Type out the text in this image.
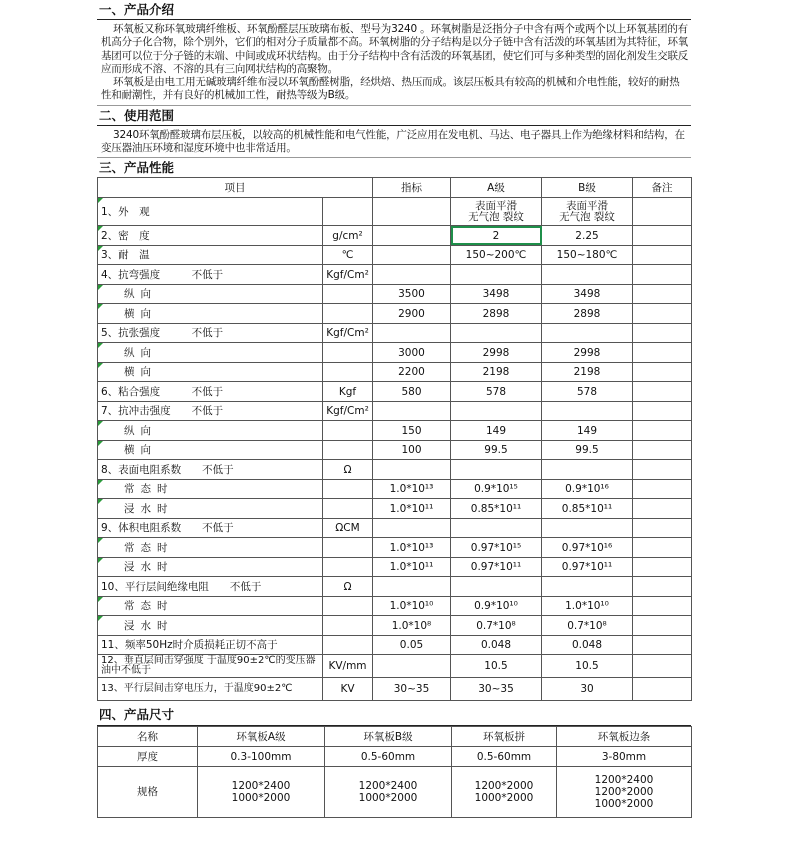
一、产品介绍
环氧板又称环氧玻璃纤维板、环氧酚醛层压玻璃布板、型号为3240 。环氧树脂是泛指分子中含有两个或两个以上环氧基团的有机高分子化合物，除个别外，它们的相对分子质量都不高。环氧树脂的分子结构是以分子链中含有活泼的环氧基团为其特征，环氧基团可以位于分子链的末端、中间或成环状结构。由于分子结构中含有活泼的环氧基团，使它们可与多种类型的固化剂发生交联反应而形成不溶、不溶的具有三向网状结构的高聚物。
环氧板是由电工用无碱玻璃纤维布浸以环氧酚醛树脂，经烘焙、热压而成。该层压板具有较高的机械和介电性能，较好的耐热性和耐潮性，并有良好的机械加工性，耐热等级为B级。
二、使用范围
3240环氧酚醛玻璃布层压板，以较高的机械性能和电气性能，广泛应用在发电机、马达、电子器具上作为绝缘材料和结构，在变压器油压环境和湿度环境中也非常适用。
三、产品性能
项目		指标	A级	B级	备注
1、外　观			表面平滑
无气泡 裂纹	表面平滑
无气泡 裂纹	
2、密　度	g/cm²		2	2.25	
3、耐　温	℃		150~200℃	150~180℃	
4、抗弯强度　　　不低于	Kgf/Cm²				
纵向		3500	3498	3498	
横向		2900	2898	2898	
5、抗张强度　　　不低于	Kgf/Cm²				
纵向		3000	2998	2998	
横向		2200	2198	2198	
6、粘合强度　　　不低于	Kgf	580	578	578	
7、抗冲击强度　　不低于	Kgf/Cm²				
纵向		150	149	149	
横向		100	99.5	99.5	
8、表面电阻系数　　不低于	Ω				
常态时		1.0*10¹³	0.9*10¹⁵	0.9*10¹⁶	
浸水时		1.0*10¹¹	0.85*10¹¹	0.85*10¹¹	
9、体积电阻系数　　不低于	ΩCM				
常态时		1.0*10¹³	0.97*10¹⁵	0.97*10¹⁶	
浸水时		1.0*10¹¹	0.97*10¹¹	0.97*10¹¹	
10、平行层间绝缘电阻　　不低于	Ω				
常态时		1.0*10¹⁰	0.9*10¹⁰	1.0*10¹⁰	
浸水时		1.0*10⁸	0.7*10⁸	0.7*10⁸	
11、频率50Hz时介质损耗正切不高于		0.05	0.048	0.048	
12、垂直层间击穿强度 于温度90±2℃的变压器油中不低于	KV/mm		10.5	10.5	
13、平行层间击穿电压力，于温度90±2℃	KV	30~35	30~35	30	
四、产品尺寸
名称	环氧板A级	环氧板B级	环氧板拼	环氧板边条
厚度	0.3-100mm	0.5-60mm	0.5-60mm	3-80mm
规格	1200*2400
1000*2000	1200*2400
1000*2000	1200*2000
1000*2000	1200*2400
1200*2000
1000*2000
